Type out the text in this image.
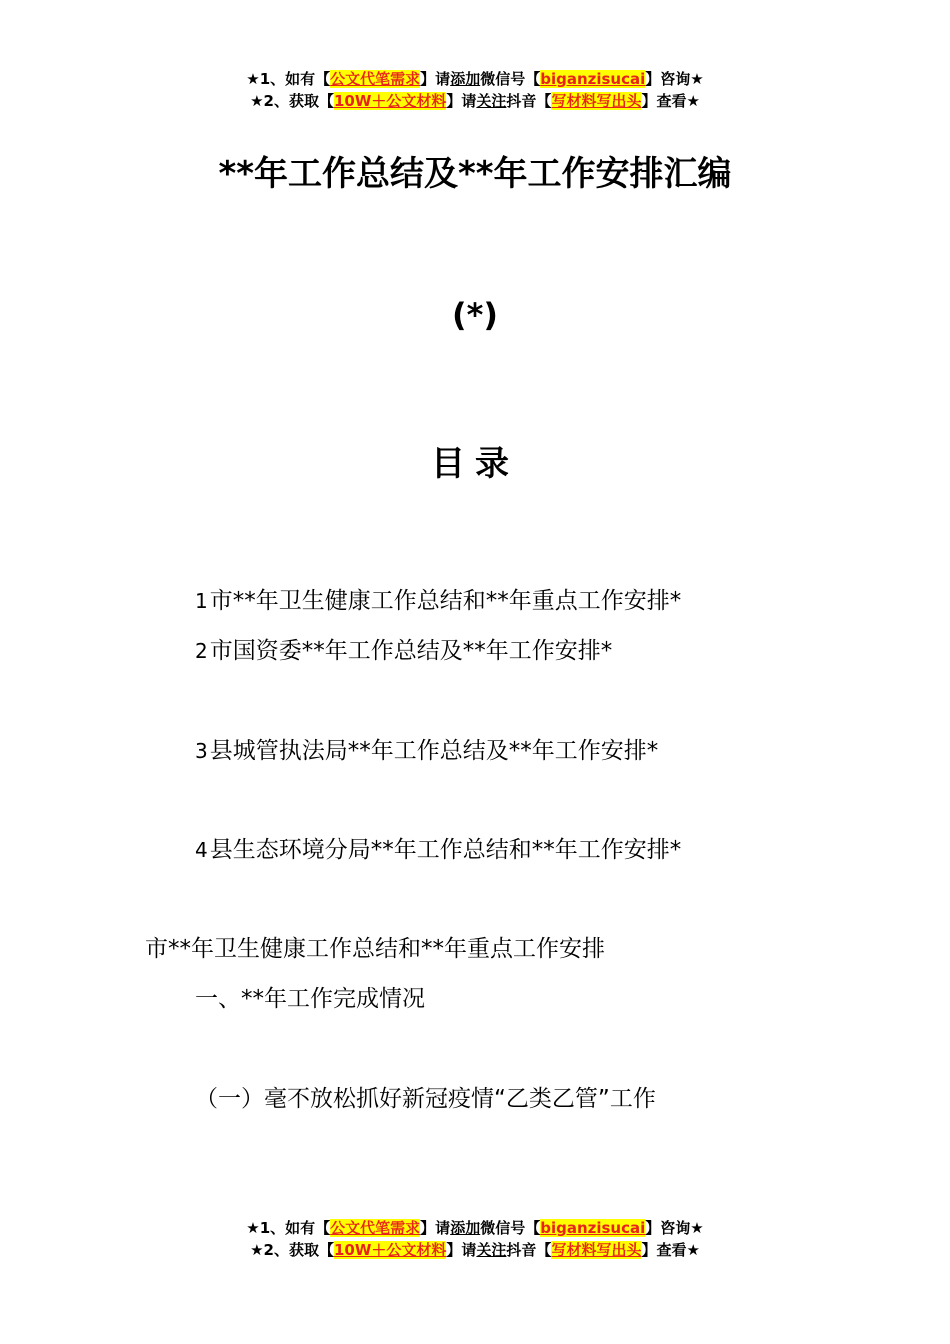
★1、如有【公文代笔需求】请添加微信号【biganzisucai】咨询★
★2、获取【10W＋公文材料】请关注抖音【写材料写出头】查看★
**年工作总结及**年工作安排汇编
(*)
目录
1市**年卫生健康工作总结和**年重点工作安排*
2市国资委**年工作总结及**年工作安排*
3县城管执法局**年工作总结及**年工作安排*
4县生态环境分局**年工作总结和**年工作安排*
市**年卫生健康工作总结和**年重点工作安排
一、**年工作完成情况
（一）毫不放松抓好新冠疫情“乙类乙管”工作
★1、如有【公文代笔需求】请添加微信号【biganzisucai】咨询★
★2、获取【10W＋公文材料】请关注抖音【写材料写出头】查看★
